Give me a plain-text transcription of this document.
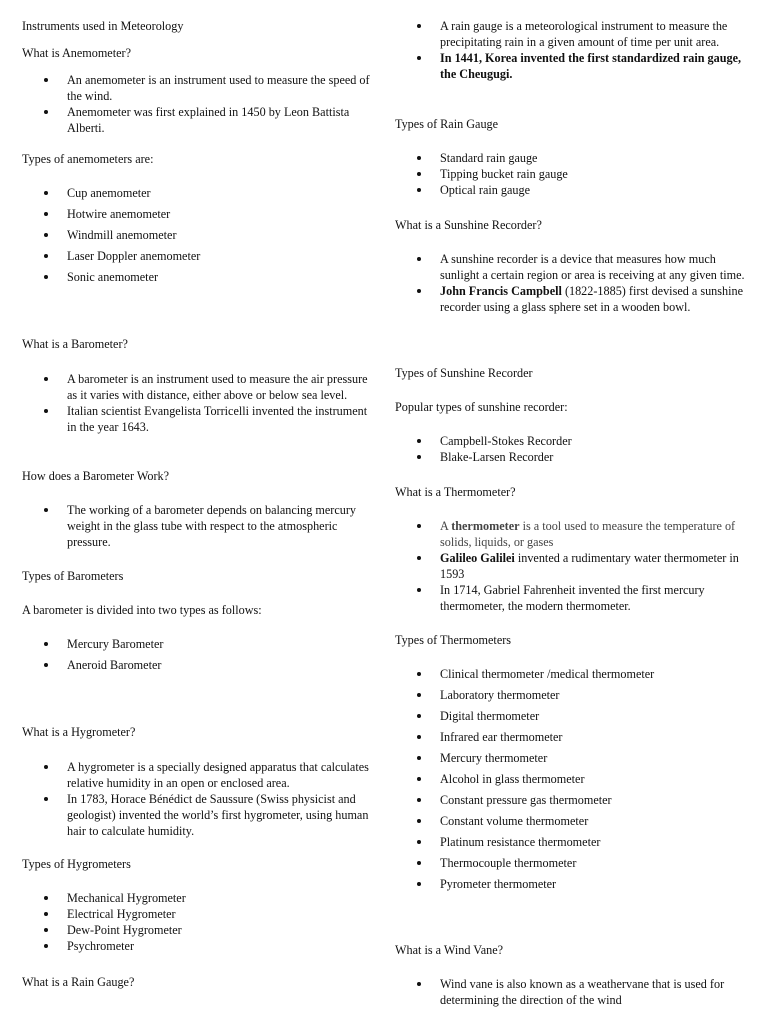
Instruments used in Meteorology

What is Anemometer?

An anemometer is an instrument used to measure the speed of the wind.
Anemometer was first explained in 1450 by Leon Battista Alberti.

Types of anemometers are:

Cup anemometer
Hotwire anemometer
Windmill anemometer
Laser Doppler anemometer
Sonic anemometer

What is a Barometer?

A barometer is an instrument used to measure the air pressure as it varies with distance, either above or below sea level.
Italian scientist Evangelista Torricelli invented the instrument in the year 1643.

How does a Barometer Work?

The working of a barometer depends on balancing mercury weight in the glass tube with respect to the atmospheric pressure.

Types of Barometers

A barometer is divided into two types as follows:

Mercury Barometer
Aneroid Barometer

What is a Hygrometer?

A hygrometer is a specially designed apparatus that calculates relative humidity in an open or enclosed area.
In 1783, Horace Bénédict de Saussure (Swiss physicist and geologist) invented the world’s first hygrometer, using human hair to calculate humidity.

Types of Hygrometers

Mechanical Hygrometer
Electrical Hygrometer
Dew-Point Hygrometer
Psychrometer

What is a Rain Gauge?

A rain gauge is a meteorological instrument to measure the precipitating rain in a given amount of time per unit area.
In 1441, Korea invented the first standardized rain gauge, the Cheugugi.

Types of Rain Gauge

Standard rain gauge
Tipping bucket rain gauge
Optical rain gauge

What is a Sunshine Recorder?

A sunshine recorder is a device that measures how much sunlight a certain region or area is receiving at any given time.
John Francis Campbell (1822-1885) first devised a sunshine recorder using a glass sphere set in a wooden bowl.

Types of Sunshine Recorder

Popular types of sunshine recorder:

Campbell-Stokes Recorder
Blake-Larsen Recorder

What is a Thermometer?

A thermometer is a tool used to measure the temperature of solids, liquids, or gases
Galileo Galilei invented a rudimentary water thermometer in 1593
In 1714, Gabriel Fahrenheit invented the first mercury thermometer, the modern thermometer.

Types of Thermometers

Clinical thermometer /medical thermometer
Laboratory thermometer
Digital thermometer
Infrared ear thermometer
Mercury thermometer
Alcohol in glass thermometer
Constant pressure gas thermometer
Constant volume thermometer
Platinum resistance thermometer
Thermocouple thermometer
Pyrometer thermometer

What is a Wind Vane?

Wind vane is also known as a weathervane that is used for determining the direction of the wind
